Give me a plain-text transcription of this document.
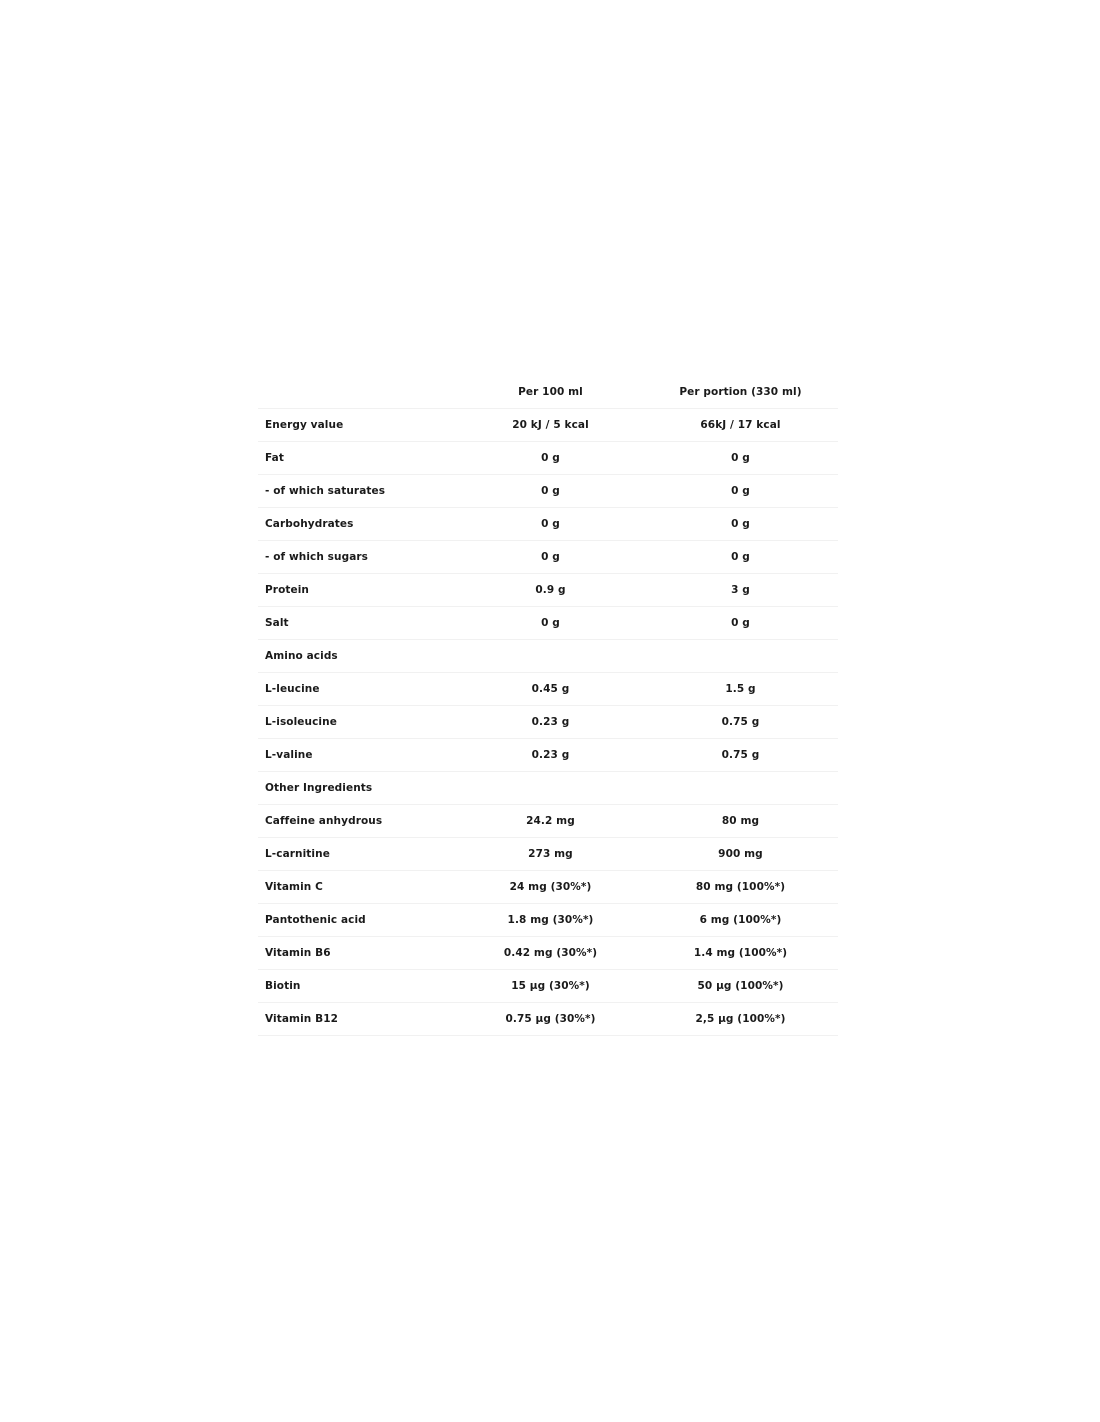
	Per 100 ml	Per portion (330 ml)
Energy value	20 kJ / 5 kcal	66kJ / 17 kcal
Fat	0 g	0 g
- of which saturates	0 g	0 g
Carbohydrates	0 g	0 g
- of which sugars	0 g	0 g
Protein	0.9 g	3 g
Salt	0 g	0 g
Amino acids		
L-leucine	0.45 g	1.5 g
L-isoleucine	0.23 g	0.75 g
L-valine	0.23 g	0.75 g
Other Ingredients		
Caffeine anhydrous	24.2 mg	80 mg
L-carnitine	273 mg	900 mg
Vitamin C	24 mg (30%*)	80 mg (100%*)
Pantothenic acid	1.8 mg (30%*)	6 mg (100%*)
Vitamin B6	0.42 mg (30%*)	1.4 mg (100%*)
Biotin	15 µg (30%*)	50 µg (100%*)
Vitamin B12	0.75 µg (30%*)	2,5 µg (100%*)
